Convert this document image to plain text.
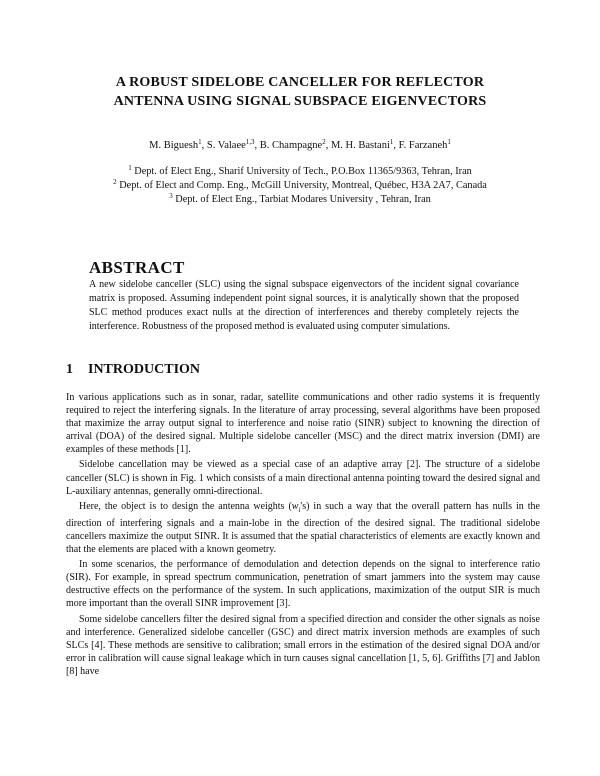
A ROBUST SIDELOBE CANCELLER FOR REFLECTOR
ANTENNA USING SIGNAL SUBSPACE EIGENVECTORS
M. Biguesh$^1$, S. Valaee$^{1,3}$, B. Champagne$^2$, M. H. Bastani$^1$, F. Farzaneh$^1$
$^1$ Dept. of Elect Eng., Sharif University of Tech., P.O.Box 11365/9363, Tehran, Iran
$^2$ Dept. of Elect and Comp. Eng., McGill University, Montreal, Québec, H3A 2A7, Canada
$^3$ Dept. of Elect Eng., Tarbiat Modares University , Tehran, Iran
ABSTRACT
A new sidelobe canceller (SLC) using the signal subspace eigenvectors of the incident signal covariance matrix is proposed. Assuming independent point signal sources, it is analytically shown that the proposed SLC method produces exact nulls at the direction of interferences and thereby completely rejects the interference. Robustness of the proposed method is evaluated using computer simulations.
1 INTRODUCTION

In various applications such as in sonar, radar, satellite communications and other radio systems it is frequently required to reject the interfering signals. In the literature of array processing, several algorithms have been proposed that maximize the array output signal to interference and noise ratio (SINR) subject to knowning the direction of arrival (DOA) of the desired signal. Multiple sidelobe canceller (MSC) and the direct matrix inversion (DMI) are examples of these methods [1].

Sidelobe cancellation may be viewed as a special case of an adaptive array [2]. The structure of a sidelobe canceller (SLC) is shown in Fig. 1 which consists of a main directional antenna pointing toward the desired signal and L-auxiliary antennas, generally omni-directional.

Here, the object is to design the antenna weights $(w_i's)$ in such a way that the overall pattern has nulls in the direction of interfering signals and a main-lobe in the direction of the desired signal. The traditional sidelobe cancellers maximize the output SINR. It is assumed that the spatial characteristics of elements are exactly known and that the elements are placed with a known geometry.

In some scenarios, the performance of demodulation and detection depends on the signal to interference ratio (SIR). For example, in spread spectrum communication, penetration of smart jammers into the system may cause destructive effects on the performance of the system. In such applications, maximization of the output SIR is much more important than the overall SINR improvement [3].

Some sidelobe cancellers filter the desired signal from a specified direction and consider the other signals as noise and interference. Generalized sidelobe canceller (GSC) and direct matrix inversion methods are examples of such SLCs [4]. These methods are sensitive to calibration; small errors in the estimation of the desired signal DOA and/or error in calibration will cause signal leakage which in turn causes signal cancellation [1, 5, 6]. Griffiths [7] and Jablon [8] have
